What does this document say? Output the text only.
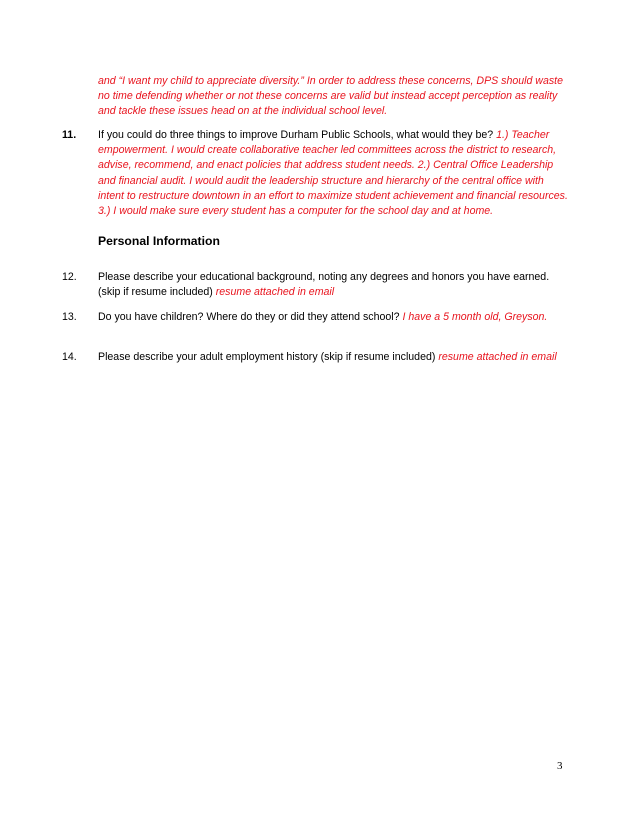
and “I want my child to appreciate diversity.” In order to address these concerns, DPS should waste no time defending whether or not these concerns are valid but instead accept perception as reality and tackle these issues head on at the individual school level.
11. If you could do three things to improve Durham Public Schools, what would they be? 1.) Teacher empowerment. I would create collaborative teacher led committees across the district to research, advise, recommend, and enact policies that address student needs. 2.) Central Office Leadership and financial audit. I would audit the leadership structure and hierarchy of the central office with intent to restructure downtown in an effort to maximize student achievement and financial resources. 3.) I would make sure every student has a computer for the school day and at home.
Personal Information
12. Please describe your educational background, noting any degrees and honors you have earned. (skip if resume included) resume attached in email
13. Do you have children? Where do they or did they attend school? I have a 5 month old, Greyson.
14. Please describe your adult employment history (skip if resume included) resume attached in email
3
